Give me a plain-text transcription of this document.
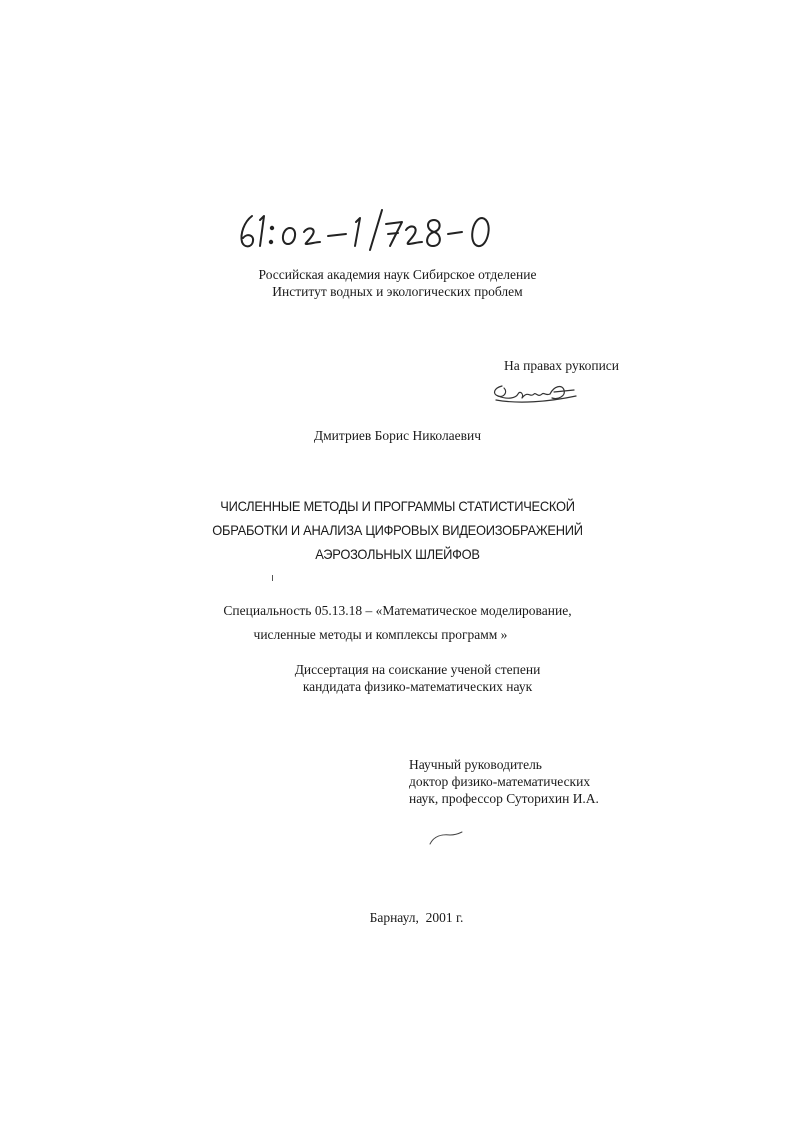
Российская академия наук Сибирское отделение
Институт водных и экологических проблем
На правах рукописи
Дмитриев Борис Николаевич
ЧИСЛЕННЫЕ МЕТОДЫ И ПРОГРАММЫ СТАТИСТИЧЕСКОЙ
ОБРАБОТКИ И АНАЛИЗА ЦИФРОВЫХ ВИДЕОИЗОБРАЖЕНИЙ
АЭРОЗОЛЬНЫХ ШЛЕЙФОВ
Специальность 05.13.18 – «Математическое моделирование,
численные методы и комплексы программ »
Диссертация на соискание ученой степени
кандидата физико-математических наук
Научный руководитель
доктор физико-математических
наук, профессор Суторихин И.А.
Барнаул,  2001 г.
